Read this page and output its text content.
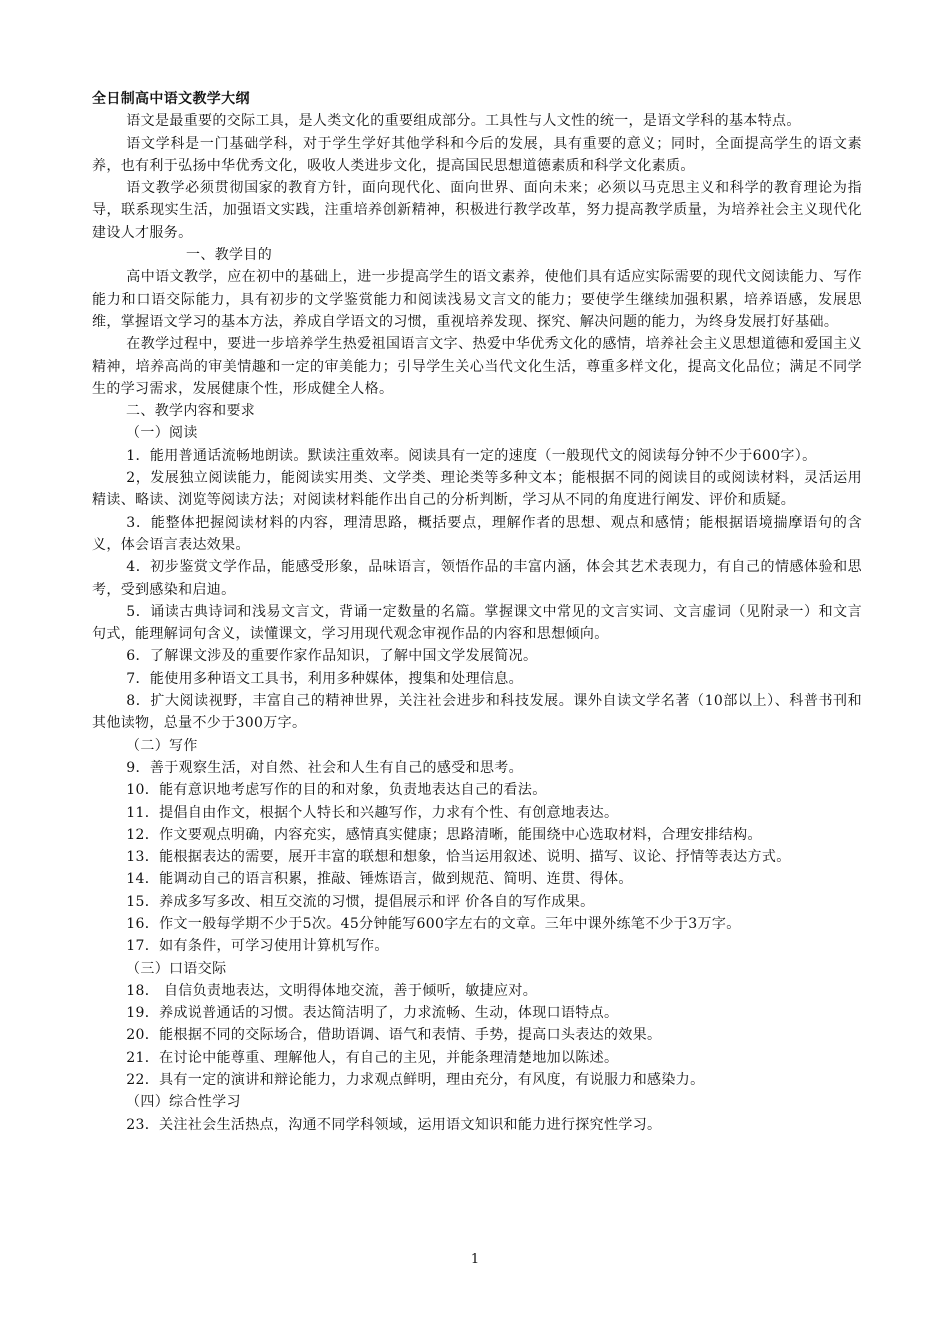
全日制高中语文教学大纲

语文是最重要的交际工具，是人类文化的重要组成部分。工具性与人文性的统一，是语文学科的基本特点。

语文学科是一门基础学科，对于学生学好其他学科和今后的发展，具有重要的意义；同时，全面提高学生的语文素养，也有利于弘扬中华优秀文化，吸收人类进步文化，提高国民思想道德素质和科学文化素质。

语文教学必须贯彻国家的教育方针，面向现代化、面向世界、面向未来；必须以马克思主义和科学的教育理论为指导，联系现实生活，加强语文实践，注重培养创新精神，积极进行教学改革，努力提高教学质量，为培养社会主义现代化建设人才服务。

一、教学目的

高中语文教学，应在初中的基础上，进一步提高学生的语文素养，使他们具有适应实际需要的现代文阅读能力、写作能力和口语交际能力，具有初步的文学鉴赏能力和阅读浅易文言文的能力；要使学生继续加强积累，培养语感，发展思维，掌握语文学习的基本方法，养成自学语文的习惯，重视培养发现、探究、解决问题的能力，为终身发展打好基础。

在教学过程中，要进一步培养学生热爱祖国语言文字、热爱中华优秀文化的感情，培养社会主义思想道德和爱国主义精神，培养高尚的审美情趣和一定的审美能力；引导学生关心当代文化生活，尊重多样文化，提高文化品位；满足不同学生的学习需求，发展健康个性，形成健全人格。

二、教学内容和要求

（一）阅读

1．能用普通话流畅地朗读。默读注重效率。阅读具有一定的速度（一般现代文的阅读每分钟不少于600字）。

2，发展独立阅读能力，能阅读实用类、文学类、理论类等多种文本；能根据不同的阅读目的或阅读材料，灵活运用精读、略读、浏览等阅读方法；对阅读材料能作出自己的分析判断，学习从不同的角度进行阐发、评价和质疑。

3．能整体把握阅读材料的内容，理清思路，概括要点，理解作者的思想、观点和感情；能根据语境揣摩语句的含义，体会语言表达效果。

4．初步鉴赏文学作品，能感受形象，品味语言，领悟作品的丰富内涵，体会其艺术表现力，有自己的情感体验和思考，受到感染和启迪。

5．诵读古典诗词和浅易文言文，背诵一定数量的名篇。掌握课文中常见的文言实词、文言虚词（见附录一）和文言句式，能理解词句含义，读懂课文，学习用现代观念审视作品的内容和思想倾向。

6．了解课文涉及的重要作家作品知识，了解中国文学发展简况。

7．能使用多种语文工具书，利用多种媒体，搜集和处理信息。

8．扩大阅读视野，丰富自己的精神世界，关注社会进步和科技发展。课外自读文学名著（10部以上）、科普书刊和其他读物，总量不少于300万字。

（二）写作

9．善于观察生活，对自然、社会和人生有自己的感受和思考。

10．能有意识地考虑写作的目的和对象，负责地表达自己的看法。

11．提倡自由作文，根据个人特长和兴趣写作，力求有个性、有创意地表达。

12．作文要观点明确，内容充实，感情真实健康；思路清晰，能围绕中心选取材料，合理安排结构。

13．能根据表达的需要，展开丰富的联想和想象，恰当运用叙述、说明、描写、议论、抒情等表达方式。

14．能调动自己的语言积累，推敲、锤炼语言，做到规范、简明、连贯、得体。

15．养成多写多改、相互交流的习惯，提倡展示和评 价各自的写作成果。

16．作文一般每学期不少于5次。45分钟能写600字左右的文章。三年中课外练笔不少于3万字。

17．如有条件，可学习使用计算机写作。

（三）口语交际

18． 自信负责地表达，文明得体地交流，善于倾听，敏捷应对。

19．养成说普通话的习惯。表达简洁明了，力求流畅、生动，体现口语特点。

20．能根据不同的交际场合，借助语调、语气和表情、手势，提高口头表达的效果。

21．在讨论中能尊重、理解他人，有自己的主见，并能条理清楚地加以陈述。

22．具有一定的演讲和辩论能力，力求观点鲜明，理由充分，有风度，有说服力和感染力。

（四）综合性学习

23．关注社会生活热点，沟通不同学科领域，运用语文知识和能力进行探究性学习。

1
